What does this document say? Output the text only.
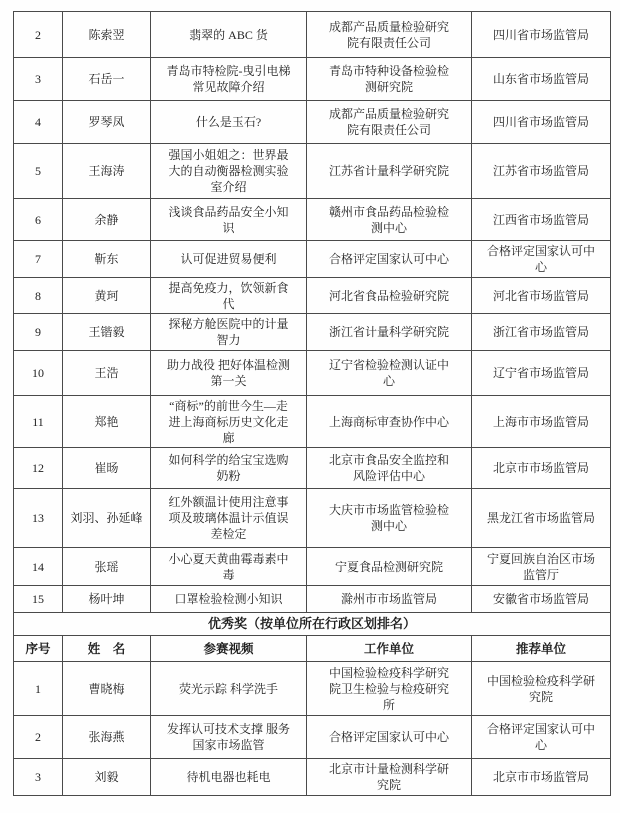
2	陈索翌	翡翠的 ABC 货	成都产品质量检验研究院有限责任公司	四川省市场监管局
3	石岳一	青岛市特检院-曳引电梯常见故障介绍	青岛市特种设备检验检测研究院	山东省市场监管局
4	罗琴凤	什么是玉石?	成都产品质量检验研究院有限责任公司	四川省市场监管局
5	王海涛	强国小姐姐之：世界最大的自动衡器检测实验室介绍	江苏省计量科学研究院	江苏省市场监管局
6	余静	浅谈食品药品安全小知识	赣州市食品药品检验检测中心	江西省市场监管局
7	靳东	认可促进贸易便利	合格评定国家认可中心	合格评定国家认可中心
8	黄珂	提高免疫力，饮领新食代	河北省食品检验研究院	河北省市场监管局
9	王锴毅	探秘方舱医院中的计量智力	浙江省计量科学研究院	浙江省市场监管局
10	王浩	助力战役 把好体温检测第一关	辽宁省检验检测认证中心	辽宁省市场监管局
11	郑艳	“商标”的前世今生—走进上海商标历史文化走廊	上海商标审查协作中心	上海市市场监管局
12	崔旸	如何科学的给宝宝选购奶粉	北京市食品安全监控和风险评估中心	北京市市场监管局
13	刘羽、孙延峰	红外额温计使用注意事项及玻璃体温计示值误差检定	大庆市市场监管检验检测中心	黑龙江省市场监管局
14	张瑶	小心夏天黄曲霉毒素中毒	宁夏食品检测研究院	宁夏回族自治区市场监管厅
15	杨叶坤	口罩检验检测小知识	滁州市市场监管局	安徽省市场监管局
优秀奖（按单位所在行政区划排名）				
序号	姓　名	参赛视频	工作单位	推荐单位
1	曹晓梅	荧光示踪 科学洗手	中国检验检疫科学研究院卫生检验与检疫研究所	中国检验检疫科学研究院
2	张海燕	发挥认可技术支撑 服务国家市场监管	合格评定国家认可中心	合格评定国家认可中心
3	刘毅	待机电器也耗电	北京市计量检测科学研究院	北京市市场监管局
